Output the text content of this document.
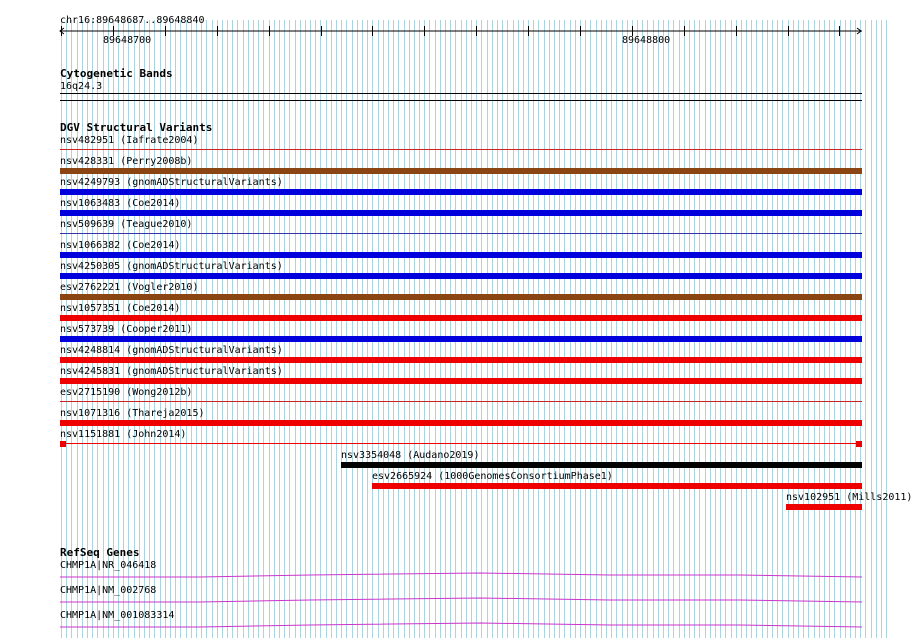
chr16:89648687..89648840
89648700	89648800
Cytogenetic Bands
16q24.3
DGV Structural Variants
nsv482951 (Iafrate2004)
nsv428331 (Perry2008b)
nsv4249793 (gnomADStructuralVariants)
nsv1063483 (Coe2014)
nsv509639 (Teague2010)
nsv1066382 (Coe2014)
nsv4250305 (gnomADStructuralVariants)
esv2762221 (Vogler2010)
nsv1057351 (Coe2014)
nsv573739 (Cooper2011)
nsv4248814 (gnomADStructuralVariants)
nsv4245831 (gnomADStructuralVariants)
esv2715190 (Wong2012b)
nsv1071316 (Thareja2015)
nsv1151881 (John2014)
nsv3354048 (Audano2019)
esv2665924 (1000GenomesConsortiumPhase1)
nsv102951 (Mills2011)
RefSeq Genes
CHMP1A|NR_046418
CHMP1A|NM_002768
CHMP1A|NM_001083314
